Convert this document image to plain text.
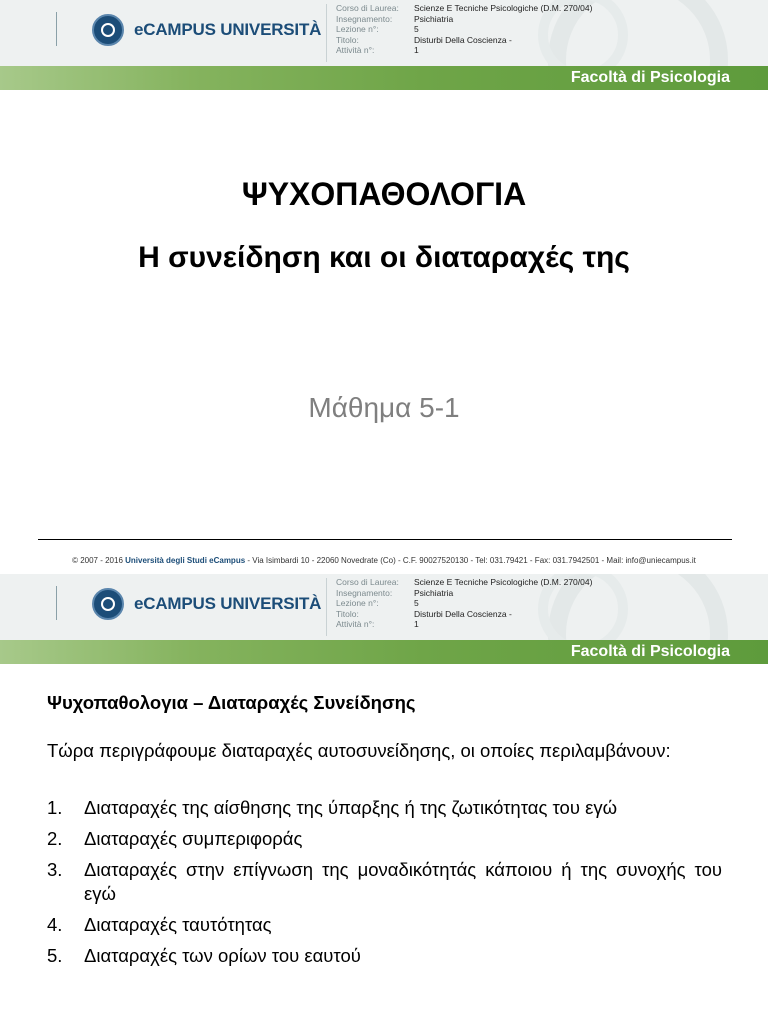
eCAMPUS UNIVERSITÀ
Corso di Laurea:	Scienze E Tecniche Psicologiche (D.M. 270/04)
Insegnamento:	Psichiatria
Lezione n°:	5
Titolo:	Disturbi Della Coscienza -
Attività n°:	1
Facoltà di Psicologia
ΨΥΧΟΠΑΘΟΛΟΓΙΑ
Η συνείδηση και οι διαταραχές της
Μάθημα 5-1
© 2007 - 2016 Università degli Studi eCampus - Via Isimbardi 10 - 22060 Novedrate (Co) - C.F. 90027520130 - Tel: 031.79421 - Fax: 031.7942501 - Mail: info@uniecampus.it
eCAMPUS UNIVERSITÀ
Corso di Laurea:	Scienze E Tecniche Psicologiche (D.M. 270/04)
Insegnamento:	Psichiatria
Lezione n°:	5
Titolo:	Disturbi Della Coscienza -
Attività n°:	1
Facoltà di Psicologia
Ψυχοπαθολογια – Διαταραχές Συνείδησης
Τώρα περιγράφουμε διαταραχές αυτοσυνείδησης, οι οποίες περιλαμβάνουν:
1.	Διαταραχές της αίσθησης της ύπαρξης ή της ζωτικότητας του εγώ
2.	Διαταραχές συμπεριφοράς
3.	Διαταραχές στην επίγνωση της μοναδικότητάς κάποιου ή της συνοχής του εγώ
4.	Διαταραχές ταυτότητας
5.	Διαταραχές των ορίων του εαυτού
